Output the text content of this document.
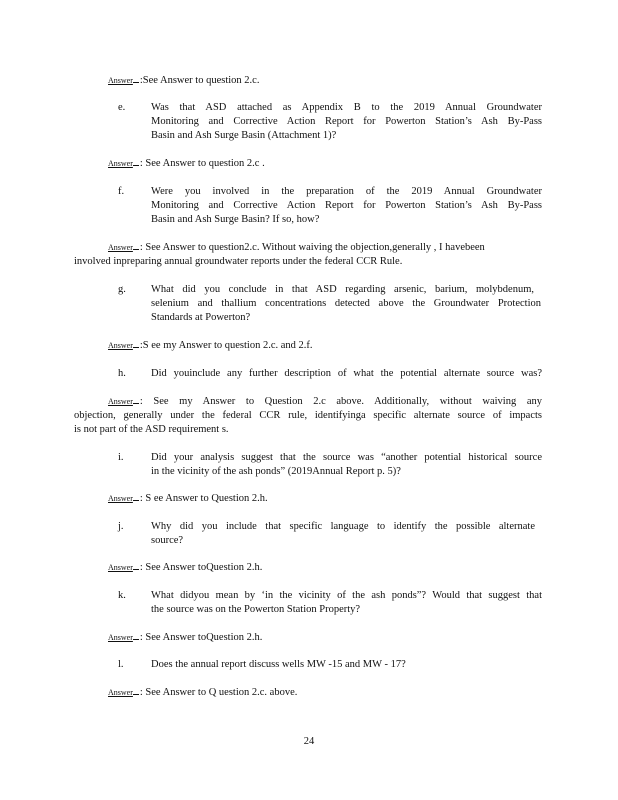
Answer :See Answer to question 2.c.
e. Was that ASD attached as Appendix B to the 2019 Annual Groundwater
Monitoring and Corrective Action Report for Powerton Station’s Ash By-Pass
Basin and Ash Surge Basin (Attachment 1)?
Answer : See Answer to question 2.c .
f.	Were you involved in the preparation of the 2019 Annual Groundwater
Monitoring and Corrective Action Report for Powerton Station’s Ash By-Pass
Basin and Ash Surge Basin? If so, how?
Answer : See Answer to question2.c. Without waiving the objection,generally , I havebeen
involved inpreparing annual groundwater reports under the federal CCR Rule.
g. What did you conclude in that ASD regarding arsenic, barium, molybdenum,
selenium and thallium concentrations detected above the Groundwater Protection
Standards at Powerton?
Answer :S ee my Answer to question 2.c. and 2.f.
h. Did youinclude any further description of what the potential alternate source was?
Answer : See my Answer to Question 2.c above. Additionally, without waiving any
objection, generally under the federal CCR rule, identifyinga specific alternate source of impacts
is not part of the ASD requirement s.
i.	Did your analysis suggest that the source was “another potential historical source
in the vicinity of the ash ponds” (2019Annual Report p. 5)?
Answer : S ee Answer to Question 2.h.
j.	Why did you include that specific language to identify the possible alternate
source?
Answer : See Answer toQuestion 2.h.
k. What didyou mean by ‘in the vicinity of the ash ponds”? Would that suggest that
the source was on the Powerton Station Property?
Answer : See Answer toQuestion 2.h.
l.	Does the annual report discuss wells MW -15 and MW - 17?
Answer : See Answer to Q uestion 2.c. above.
24
